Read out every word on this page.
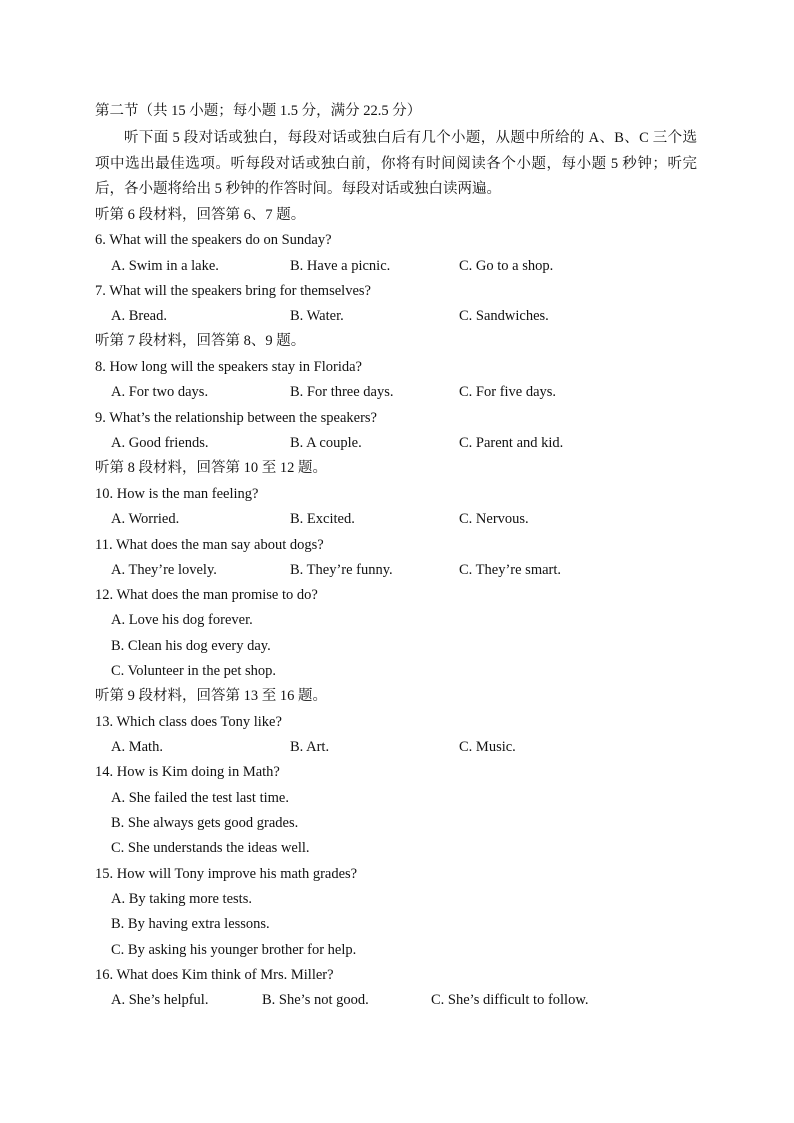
第二节（共 15 小题；每小题 1.5 分，满分 22.5 分）
听下面 5 段对话或独白，每段对话或独白后有几个小题，从题中所给的 A、B、C 三个选项中选出最佳选项。听每段对话或独白前，你将有时间阅读各个小题，每小题 5 秒钟；听完后，各小题将给出 5 秒钟的作答时间。每段对话或独白读两遍。
听第 6 段材料，回答第 6、7 题。
6. What will the speakers do on Sunday?
A. Swim in a lake.	B. Have a picnic.	C. Go to a shop.
7. What will the speakers bring for themselves?
A. Bread.	B. Water.	C. Sandwiches.
听第 7 段材料，回答第 8、9 题。
8. How long will the speakers stay in Florida?
A. For two days.	B. For three days.	C. For five days.
9. What’s the relationship between the speakers?
A. Good friends.	B. A couple.	C. Parent and kid.
听第 8 段材料，回答第 10 至 12 题。
10. How is the man feeling?
A. Worried.	B. Excited.	C. Nervous.
11. What does the man say about dogs?
A. They’re lovely.	B. They’re funny.	C. They’re smart.
12. What does the man promise to do?
A. Love his dog forever.
B. Clean his dog every day.
C. Volunteer in the pet shop.
听第 9 段材料，回答第 13 至 16 题。
13. Which class does Tony like?
A. Math.	B. Art.	C. Music.
14. How is Kim doing in Math?
A. She failed the test last time.
B. She always gets good grades.
C. She understands the ideas well.
15. How will Tony improve his math grades?
A. By taking more tests.
B. By having extra lessons.
C. By asking his younger brother for help.
16. What does Kim think of Mrs. Miller?
A. She’s helpful.	B. She’s not good.	C. She’s difficult to follow.
